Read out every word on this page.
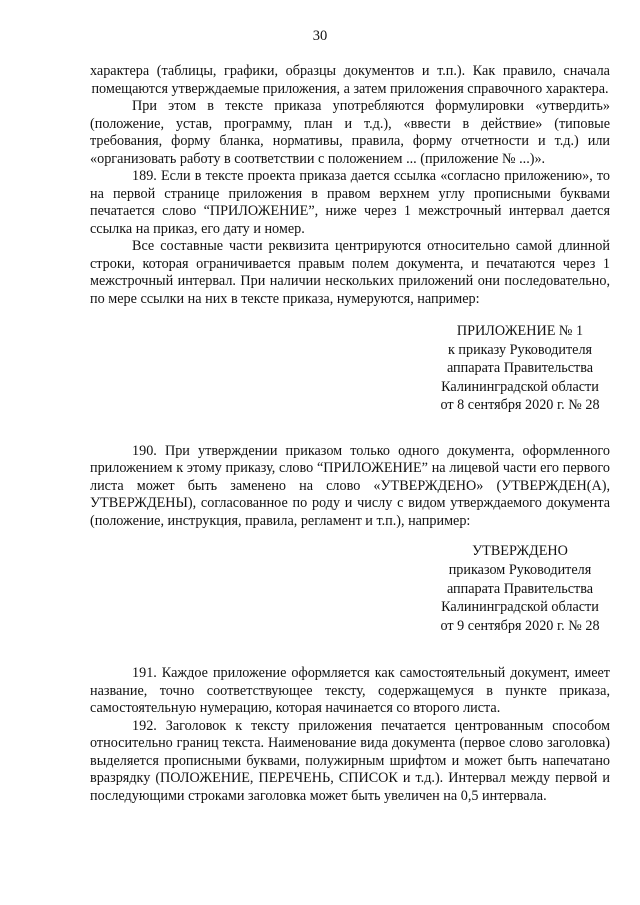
30

характера (таблицы, графики, образцы документов и т.п.). Как правило, сначала помещаются утверждаемые приложения, а затем приложения справочного характера.

При этом в тексте приказа употребляются формулировки «утвердить» (положение, устав, программу, план и т.д.), «ввести в действие» (типовые требования, форму бланка, нормативы, правила, форму отчетности и т.д.) или «организовать работу в соответствии с положением ... (приложение № ...)».

189. Если в тексте проекта приказа дается ссылка «согласно приложению», то на первой странице приложения в правом верхнем углу прописными буквами печатается слово “ПРИЛОЖЕНИЕ”, ниже через 1 межстрочный интервал дается ссылка на приказ, его дату и номер.

Все составные части реквизита центрируются относительно самой длинной строки, которая ограничивается правым полем документа, и печатаются через 1 межстрочный интервал. При наличии нескольких приложений они последовательно, по мере ссылки на них в тексте приказа, нумеруются, например:

ПРИЛОЖЕНИЕ № 1
к приказу Руководителя
аппарата Правительства
Калининградской области
от 8 сентября 2020 г. № 28

190. При утверждении приказом только одного документа, оформленного приложением к этому приказу, слово “ПРИЛОЖЕНИЕ” на лицевой части его первого листа может быть заменено на слово «УТВЕРЖДЕНО» (УТВЕРЖДЕН(А), УТВЕРЖДЕНЫ), согласованное по роду и числу с видом утверждаемого документа (положение, инструкция, правила, регламент и т.п.), например:

УТВЕРЖДЕНО
приказом Руководителя
аппарата Правительства
Калининградской области
от 9 сентября 2020 г. № 28

191. Каждое приложение оформляется как самостоятельный документ, имеет название, точно соответствующее тексту, содержащемуся в пункте приказа, самостоятельную нумерацию, которая начинается со второго листа.

192. Заголовок к тексту приложения печатается центрованным способом относительно границ текста. Наименование вида документа (первое слово заголовка) выделяется прописными буквами, полужирным шрифтом и может быть напечатано вразрядку (ПОЛОЖЕНИЕ, ПЕРЕЧЕНЬ, СПИСОК и т.д.). Интервал между первой и последующими строками заголовка может быть увеличен на 0,5 интервала.
